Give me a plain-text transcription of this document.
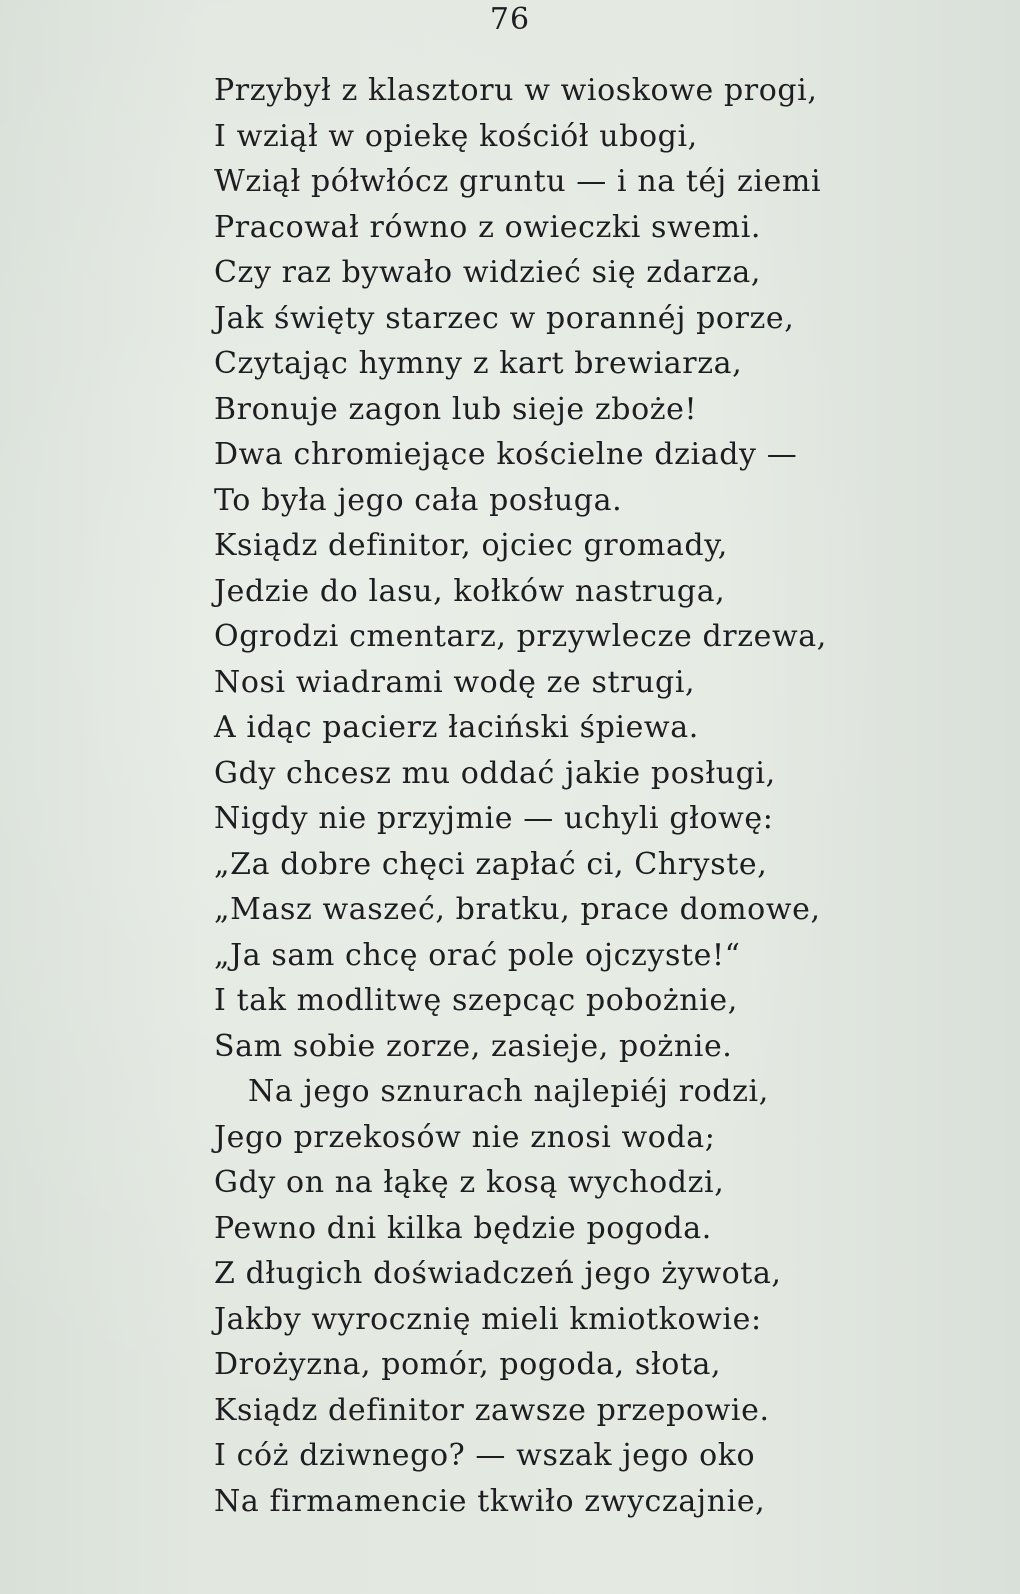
76
Przybył z klasztoru w wioskowe progi,
I wziął w opiekę kościół ubogi,
Wziął półwłócz gruntu — i na téj ziemi
Pracował równo z owieczki swemi.
Czy raz bywało widzieć się zdarza,
Jak święty starzec w porannéj porze,
Czytając hymny z kart brewiarza,
Bronuje zagon lub sieje zboże!
Dwa chromiejące kościelne dziady —
To była jego cała posługa.
Ksiądz definitor, ojciec gromady,
Jedzie do lasu, kołków nastruga,
Ogrodzi cmentarz, przywlecze drzewa,
Nosi wiadrami wodę ze strugi,
A idąc pacierz łaciński śpiewa.
Gdy chcesz mu oddać jakie posługi,
Nigdy nie przyjmie — uchyli głowę:
„Za dobre chęci zapłać ci, Chryste,
„Masz waszeć, bratku, prace domowe,
„Ja sam chcę orać pole ojczyste!“
I tak modlitwę szepcąc pobożnie,
Sam sobie zorze, zasieje, pożnie.
Na jego sznurach najlepiéj rodzi,
Jego przekosów nie znosi woda;
Gdy on na łąkę z kosą wychodzi,
Pewno dni kilka będzie pogoda.
Z długich doświadczeń jego żywota,
Jakby wyrocznię mieli kmiotkowie:
Drożyzna, pomór, pogoda, słota,
Ksiądz definitor zawsze przepowie.
I cóż dziwnego? — wszak jego oko
Na firmamencie tkwiło zwyczajnie,
